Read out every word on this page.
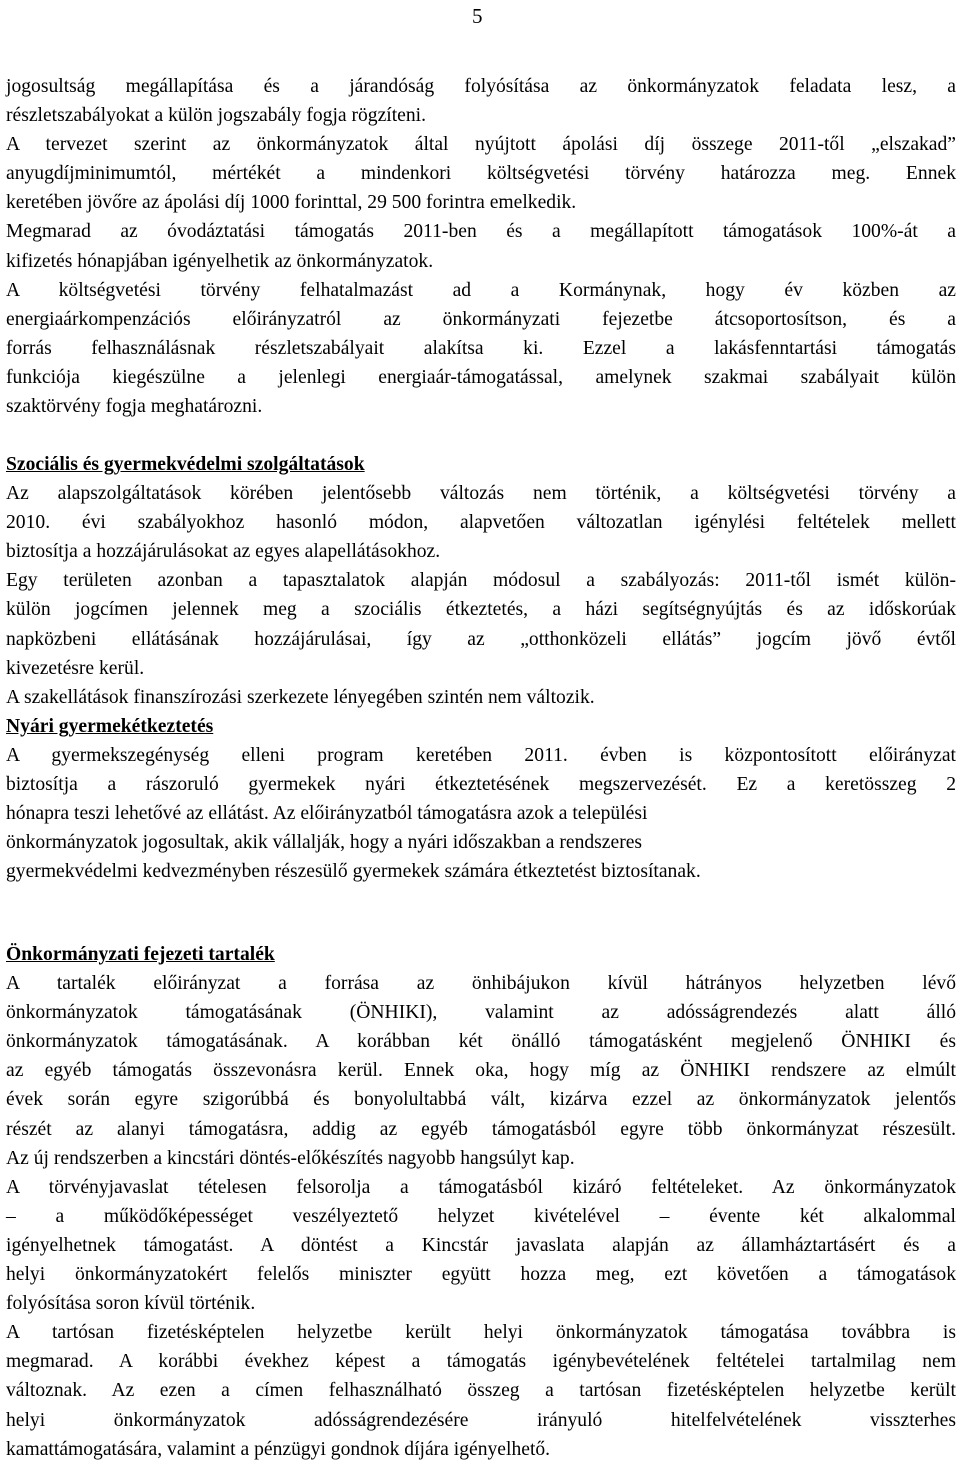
5

jogosultság megállapítása és a járandóság folyósítása az önkormányzatok feladata lesz, a

részletszabályokat a külön jogszabály fogja rögzíteni.

A tervezet szerint az önkormányzatok által nyújtott ápolási díj összege 2011-től „elszakad”

anyugdíjminimumtól, mértékét a mindenkori költségvetési törvény határozza meg. Ennek

keretében jövőre az ápolási díj 1000 forinttal, 29 500 forintra emelkedik.

Megmarad az óvodáztatási támogatás 2011-ben és a megállapított támogatások 100%-át a

kifizetés hónapjában igényelhetik az önkormányzatok.

A költségvetési törvény felhatalmazást ad a Kormánynak, hogy év közben az

energiaárkompenzációs előirányzatról az önkormányzati fejezetbe átcsoportosítson, és a

forrás felhasználásnak részletszabályait alakítsa ki. Ezzel a lakásfenntartási támogatás

funkciója kiegészülne a jelenlegi energiaár-támogatással, amelynek szakmai szabályait külön

szaktörvény fogja meghatározni.

Szociális és gyermekvédelmi szolgáltatások

Az alapszolgáltatások körében jelentősebb változás nem történik, a költségvetési törvény a

2010. évi szabályokhoz hasonló módon, alapvetően változatlan igénylési feltételek mellett

biztosítja a hozzájárulásokat az egyes alapellátásokhoz.

Egy területen azonban a tapasztalatok alapján módosul a szabályozás: 2011-től ismét külön-

külön jogcímen jelennek meg a szociális étkeztetés, a házi segítségnyújtás és az időskorúak

napközbeni ellátásának hozzájárulásai, így az „otthonközeli ellátás” jogcím jövő évtől

kivezetésre kerül.

A szakellátások finanszírozási szerkezete lényegében szintén nem változik.

Nyári gyermekétkeztetés

A gyermekszegénység elleni program keretében 2011. évben is központosított előirányzat

biztosítja a rászoruló gyermekek nyári étkeztetésének megszervezését. Ez a keretösszeg 2

hónapra teszi lehetővé az ellátást. Az előirányzatból támogatásra azok a települési

önkormányzatok jogosultak, akik vállalják, hogy a nyári időszakban a rendszeres

gyermekvédelmi kedvezményben részesülő gyermekek számára étkeztetést biztosítanak.

Önkormányzati fejezeti tartalék

A tartalék előirányzat a forrása az önhibájukon kívül hátrányos helyzetben lévő

önkormányzatok támogatásának (ÖNHIKI), valamint az adósságrendezés alatt álló

önkormányzatok támogatásának. A korábban két önálló támogatásként megjelenő ÖNHIKI és

az egyéb támogatás összevonásra kerül. Ennek oka, hogy míg az ÖNHIKI rendszere az elmúlt

évek során egyre szigorúbbá és bonyolultabbá vált, kizárva ezzel az önkormányzatok jelentős

részét az alanyi támogatásra, addig az egyéb támogatásból egyre több önkormányzat részesült.

Az új rendszerben a kincstári döntés-előkészítés nagyobb hangsúlyt kap.

A törvényjavaslat tételesen felsorolja a támogatásból kizáró feltételeket. Az önkormányzatok

– a működőképességet veszélyeztető helyzet kivételével – évente két alkalommal

igényelhetnek támogatást. A döntést a Kincstár javaslata alapján az államháztartásért és a

helyi önkormányzatokért felelős miniszter együtt hozza meg, ezt követően a támogatások

folyósítása soron kívül történik.

A tartósan fizetésképtelen helyzetbe került helyi önkormányzatok támogatása továbbra is

megmarad. A korábbi évekhez képest a támogatás igénybevételének feltételei tartalmilag nem

változnak. Az ezen a címen felhasználható összeg a tartósan fizetésképtelen helyzetbe került

helyi önkormányzatok adósságrendezésére irányuló hitelfelvételének visszterhes

kamattámogatására, valamint a pénzügyi gondnok díjára igényelhető.
